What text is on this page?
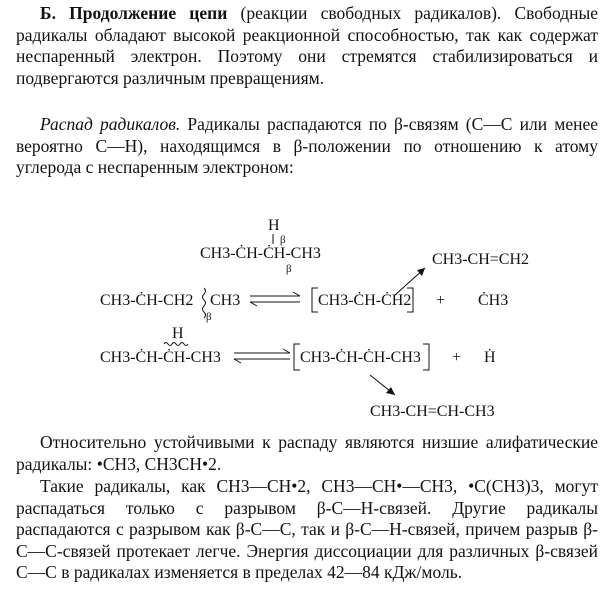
Б. Продолжение цепи (реакции свободных радикалов). Свободные радикалы обладают высокой реакционной способностью, так как содержат неспаренный электрон. Поэтому они стремятся стабилизироваться и подвергаются различным превращениям.

Распад радикалов. Радикалы распадаются по β-связям (С—С или менее вероятно С—Н), находящимся в β-положении по отношению к атому углерода с неспаренным электроном:

H
β
CH3-ĊH-ĊH-CH3
β
CH3-CH=CH2
CH3-ĊH-CH2 CH3
β
CH3-ĊH-ĊH2 + ĊH3
H
CH3-ĊH-ĊH-CH3	CH3-ĊH-ĊH-CH3 + Ḣ
CH3-CH=CH-CH3

Относительно устойчивыми к распаду являются низшие алифатические радикалы: •CH3, CH3CH•2.

Такие радикалы, как CH3—CH•2, CH3—CH•—CH3, •C(CH3)3, могут распадаться только с разрывом β-С—Н-связей. Другие радикалы распадаются с разрывом как β-С—С, так и β-С—Н-связей, причем разрыв β-С—С-связей протекает легче. Энергия диссоциации для различных β-связей С—С в радикалах изменяется в пределах 42—84 кДж/моль.
